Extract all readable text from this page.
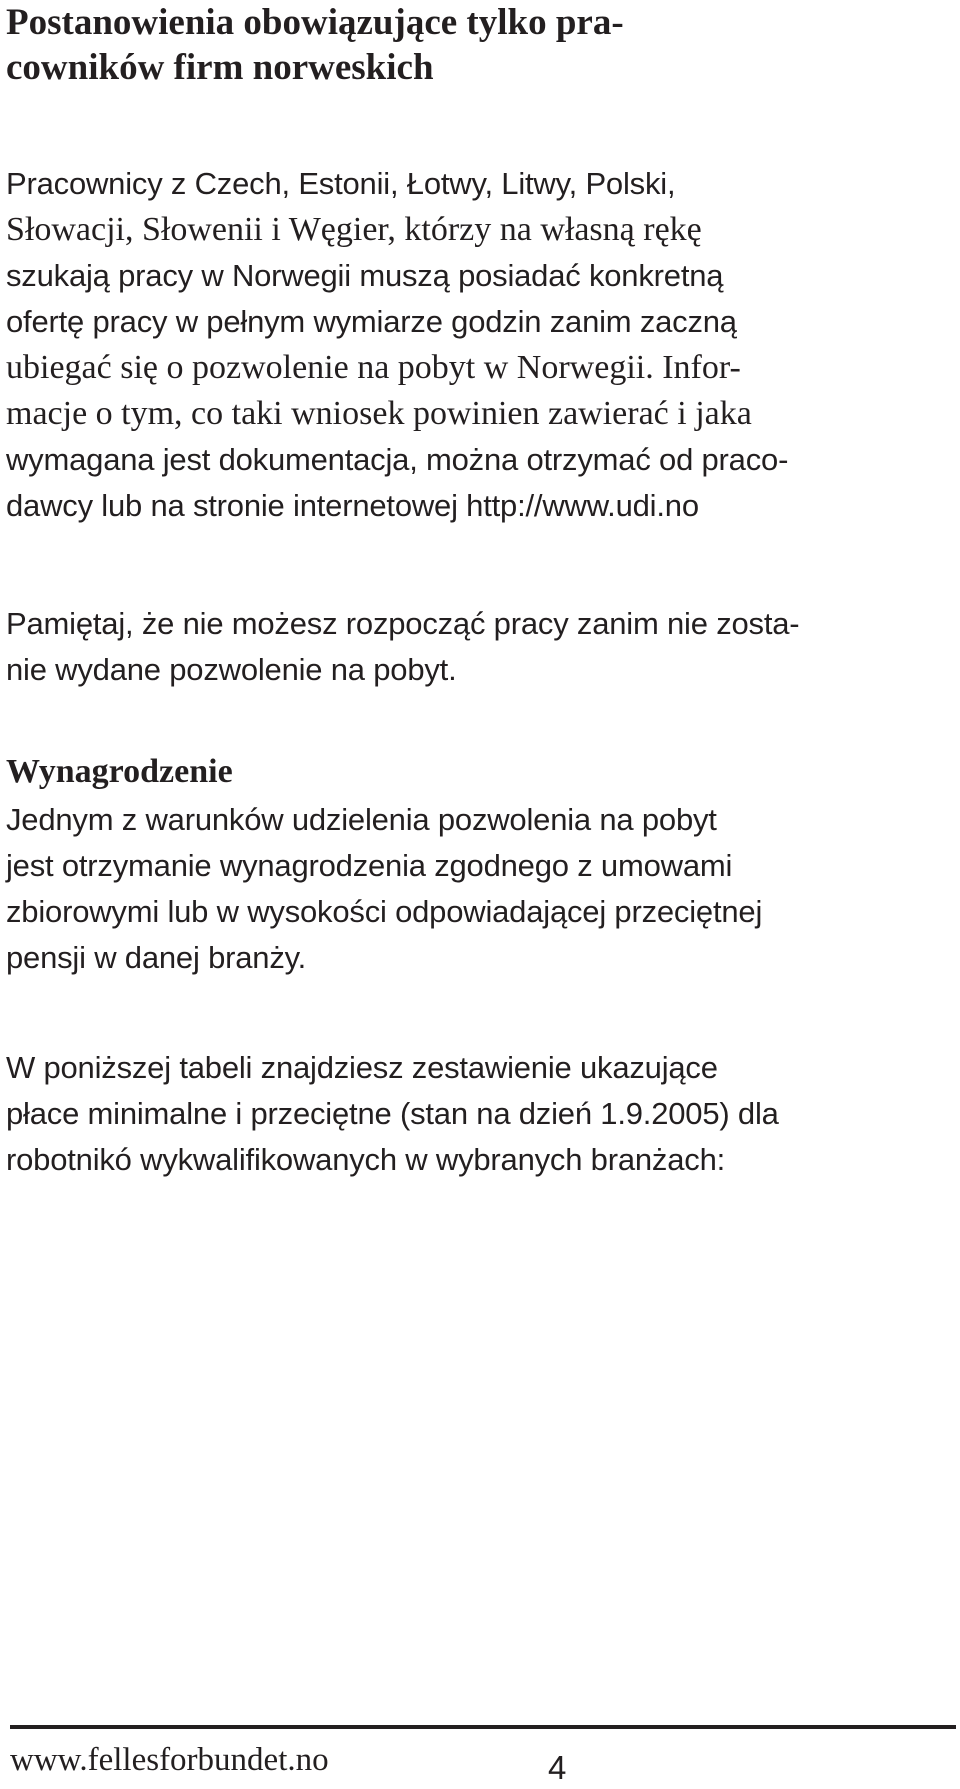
Postanowienia obowiązujące tylko pra-
cowników firm norweskich

Pracownicy z Czech, Estonii, Łotwy, Litwy, Polski,

Słowacji, Słowenii i Węgier, którzy na własną rękę

szukają pracy w Norwegii muszą posiadać konkretną

ofertę pracy w pełnym wymiarze godzin zanim zaczną

ubiegać się o pozwolenie na pobyt w Norwegii. Infor-

macje o tym, co taki wniosek powinien zawierać i jaka

wymagana jest dokumentacja, można otrzymać od praco-

dawcy lub na stronie internetowej http://www.udi.no

Pamiętaj, że nie możesz rozpocząć pracy zanim nie zosta-

nie wydane pozwolenie na pobyt.

Wynagrodzenie

Jednym z warunków udzielenia pozwolenia na pobyt

jest otrzymanie wynagrodzenia zgodnego z umowami

zbiorowymi lub w wysokości odpowiadającej przeciętnej

pensji w danej branży.

W poniższej tabeli znajdziesz zestawienie ukazujące

płace minimalne i przeciętne (stan na dzień 1.9.2005) dla

robotnikó wykwalifikowanych w wybranych branżach:

www.fellesforbundet.no	4
